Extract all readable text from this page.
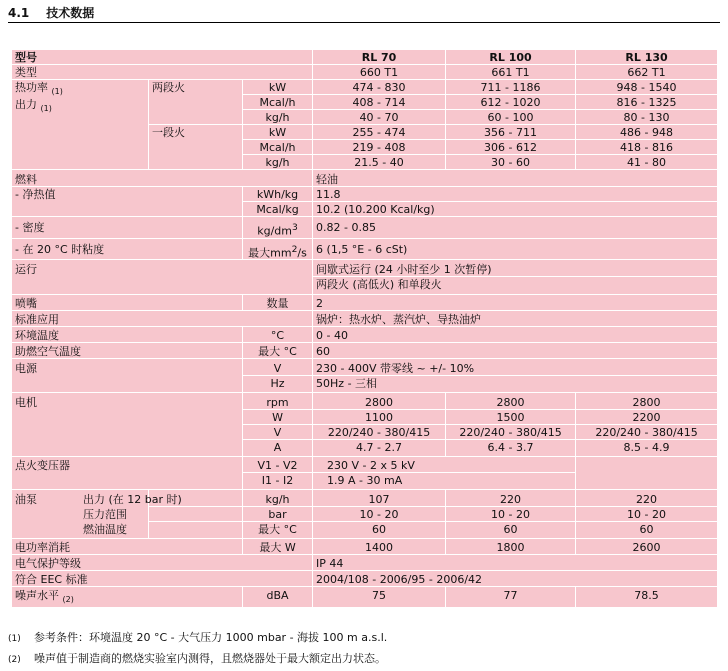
4.1 技术数据
型号			RL 70	RL 100	RL 130
类型			660 T1	661 T1	662 T1
热功率 $_{(1)}$
出力 $_{(1)}$	两段火	kW	474 - 830	711 - 1186	948 - 1540
		Mcal/h	408 - 714	612 - 1020	816 - 1325
		kg/h	40 - 70	60 - 100	80 - 130
	一段火	kW	255 - 474	356 - 711	486 - 948
		Mcal/h	219 - 408	306 - 612	418 - 816
		kg/h	21.5 - 40	30 - 60	41 - 80
燃料			轻油		
- 净热值		kWh/kg	11.8		
		Mcal/kg	10.2 (10.200 Kcal/kg)		
- 密度		$kg/dm^3$	0.82 - 0.85		
- 在 20 °C 时粘度		最大$mm^2/s$	6 (1,5 °E - 6 cSt)		
运行			间歇式运行 (24 小时至少 1 次暂停)		
			两段火 (高低火) 和单段火		
喷嘴		数量	2		
标准应用			锅炉：热水炉、蒸汽炉、导热油炉		
环境温度		°C	0 - 40		
助燃空气温度		最大 °C	60		
电源		V	230 - 400V 带零线 ~ +/- 10%		
		Hz	50Hz - 三相		
电机		rpm	2800	2800	2800
		W	1100	1500	2200
		V	220/240 - 380/415	220/240 - 380/415	220/240 - 380/415
		A	4.7 - 2.7	6.4 - 3.7	8.5 - 4.9
点火变压器		V1 - V2	230 V - 2 x 5 kV		
		I1 - I2	1.9 A - 30 mA		
油泵	出力 (在 12 bar 时)	kg/h	107	220	220
	压力范围	bar	10 - 20	10 - 20	10 - 20
	燃油温度	最大 °C	60	60	60
电功率消耗		最大 W	1400	1800	2600
电气保护等级			IP 44		
符合 EEC 标准			2004/108 - 2006/95 - 2006/42		
噪声水平 $_{(2)}$		dBA	75	77	78.5
(1) 参考条件：环境温度 20 °C - 大气压力 1000 mbar - 海拔 100 m a.s.l.
(2) 噪声值于制造商的燃烧实验室内测得，且燃烧器处于最大额定出力状态。
